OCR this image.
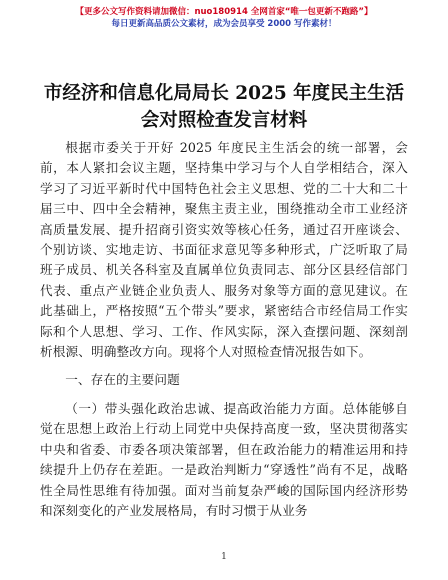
【更多公文写作资料请加微信：nuo180914 全网首家“唯一包更新不跑路”】
每日更新高品质公文素材，成为会员享受 2000 写作素材！
市经济和信息化局局长 2025 年度民主生活会对照检查发言材料

根据市委关于开好 2025 年度民主生活会的统一部署，会前，本人紧扣会议主题，坚持集中学习与个人自学相结合，深入学习了习近平新时代中国特色社会主义思想、党的二十大和二十届三中、四中全会精神，聚焦主责主业，围绕推动全市工业经济高质量发展、提升招商引资实效等核心任务，通过召开座谈会、个别访谈、实地走访、书面征求意见等多种形式，广泛听取了局班子成员、机关各科室及直属单位负责同志、部分区县经信部门代表、重点产业链企业负责人、服务对象等方面的意见建议。在此基础上，严格按照“五个带头”要求，紧密结合市经信局工作实际和个人思想、学习、工作、作风实际，深入查摆问题、深刻剖析根源、明确整改方向。现将个人对照检查情况报告如下。

一、存在的主要问题

（一）带头强化政治忠诚、提高政治能力方面。总体能够自觉在思想上政治上行动上同党中央保持高度一致，坚决贯彻落实中央和省委、市委各项决策部署，但在政治能力的精准运用和持续提升上仍存在差距。一是政治判断力“穿透性”尚有不足，战略性全局性思维有待加强。面对当前复杂严峻的国际国内经济形势和深刻变化的产业发展格局，有时习惯于从业务

1
